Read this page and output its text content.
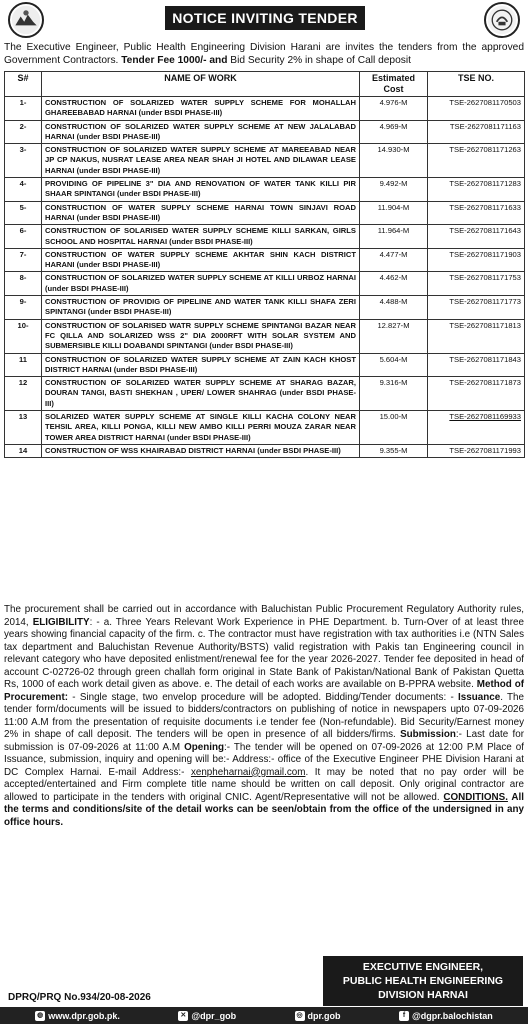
NOTICE INVITING TENDER
The Executive Engineer, Public Health Engineering Division Harani are invites the tenders from the approved Government Contractors. Tender Fee 1000/- and Bid Security 2% in shape of Call deposit
S#	NAME OF WORK	Estimated Cost	TSE NO.
1-	CONSTRUCTION OF SOLARIZED WATER SUPPLY SCHEME FOR MOHALLAH GHAREEBABAD HARNAI (under BSDI PHASE-III)	4.976-M	TSE-2627081170503
2-	CONSTRUCTION OF SOLARIZED WATER SUPPLY SCHEME AT NEW JALALABAD HARNAI (under BSDI PHASE-III)	4.969-M	TSE-2627081171163
3-	CONSTRUCTION OF SOLARIZED WATER SUPPLY SCHEME AT MAREEABAD NEAR JP CP NAKUS, NUSRAT LEASE AREA NEAR SHAH JI HOTEL AND DILAWAR LEASE HARNAI (under BSDI PHASE-III)	14.930-M	TSE-2627081171263
4-	PROVIDING OF PIPELINE 3" DIA AND RENOVATION OF WATER TANK KILLI PIR SHAAR SPINTANGI (under BSDI PHASE-III)	9.492-M	TSE-2627081171283
5-	CONSTRUCTION OF WATER SUPPLY SCHEME HARNAI TOWN SINJAVI ROAD HARNAI (under BSDI PHASE-III)	11.904-M	TSE-2627081171633
6-	CONSTRUCTION OF SOLARISED WATER SUPPLY SCHEME KILLI SARKAN, GIRLS SCHOOL AND HOSPITAL HARNAI (under BSDI PHASE-III)	11.964-M	TSE-2627081171643
7-	CONSTRUCTION OF WATER SUPPLY SCHEME AKHTAR SHIN KACH DISTRICT HARANI (under BSDI PHASE-III)	4.477-M	TSE-2627081171903
8-	CONSTRUCTION OF SOLARIZED WATER SUPPLY SCHEME AT KILLI URBOZ HARNAI (under BSDI PHASE-III)	4.462-M	TSE-2627081171753
9-	CONSTRUCTION OF PROVIDIG OF PIPELINE AND WATER TANK KILLI SHAFA ZERI SPINTANGI (under BSDI PHASE-III)	4.488-M	TSE-2627081171773
10-	CONSTRUCTION OF SOLARISED WATR SUPPLY SCHEME SPINTANGI BAZAR NEAR FC QILLA AND SOLARIZED WSS 2" DIA 2000RFT WITH SOLAR SYSTEM AND SUBMERSIBLE KILLI DOABANDI SPINTANGI (under BSDI PHASE-III)	12.827-M	TSE-2627081171813
11	CONSTRUCTION OF SOLARIZED WATER SUPPLY SCHEME AT ZAIN KACH KHOST DISTRICT HARNAI (under BSDI PHASE-III)	5.604-M	TSE-2627081171843
12	CONSTRUCTION OF SOLARIZED WATER SUPPLY SCHEME AT SHARAG BAZAR, DOURAN TANGI, BASTI SHEKHAN , UPER/ LOWER SHAHRAG (under BSDI PHASE-III)	9.316-M	TSE-2627081171873
13	SOLARIZED WATER SUPPLY SCHEME AT SINGLE KILLI KACHA COLONY NEAR TEHSIL AREA, KILLI PONGA, KILLI NEW AMBO KILLI PERRI MOUZA ZARAR NEAR TOWER AREA DISTRICT HARNAI (under BSDI PHASE-III)	15.00-M	TSE-2627081169933
14	CONSTRUCTION OF WSS KHAIRABAD DISTRICT HARNAI (under BSDI PHASE-III)	9.355-M	TSE-2627081171993
The procurement shall be carried out in accordance with Baluchistan Public Procurement Regulatory Authority rules, 2014, ELIGIBILITY: - a. Three Years Relevant Work Experience in PHE Department. b. Turn-Over of at least three years showing financial capacity of the firm. c. The contractor must have registration with tax authorities i.e (NTN Sales tax department and Baluchistan Revenue Authority/BSTS) valid registration with Pakis tan Engineering council in relevant category who have deposited enlistment/renewal fee for the year 2026-2027. Tender fee deposited in head of account C-02726-02 through green challah form original in State Bank of Pakistan/National Bank of Pakistan Quetta Rs, 1000 of each work detail given as above. e. The detail of each works are available on B-PPRA website. Method of Procurement: - Single stage, two envelop procedure will be adopted. Bidding/Tender documents: - Issuance. The tender form/documents will be issued to bidders/contractors on publishing of notice in newspapers upto 07-09-2026 11:00 A.M from the presentation of requisite documents i.e tender fee (Non-refundable). Bid Security/Earnest money 2% in shape of call deposit. The tenders will be open in presence of all bidders/firms. Submission:- Last date for submission is 07-09-2026 at 11:00 A.M Opening:- The tender will be opened on 07-09-2026 at 12:00 P.M Place of Issuance, submission, inquiry and opening will be:- Address:- office of the Executive Engineer PHE Division Harani at DC Complex Harnai. E-mail Address:- xenpheharnai@gmail.com. It may be noted that no pay order will be accepted/entertained and Firm complete title name should be written on call deposit. Only original contractor are allowed to participate in the tenders with original CNIC. Agent/Representative will not be allowed. CONDITIONS. All the terms and conditions/site of the detail works can be seen/obtain from the office of the undersigned in any office hours.
EXECUTIVE ENGINEER,
PUBLIC HEALTH ENGINEERING
DIVISION HARNAI
DPRQ/PRQ No.934/20-08-2026
◍ www.dpr.gob.pk.	✕ @dpr_gob	◎ dpr.gob	f @dgpr.balochistan
